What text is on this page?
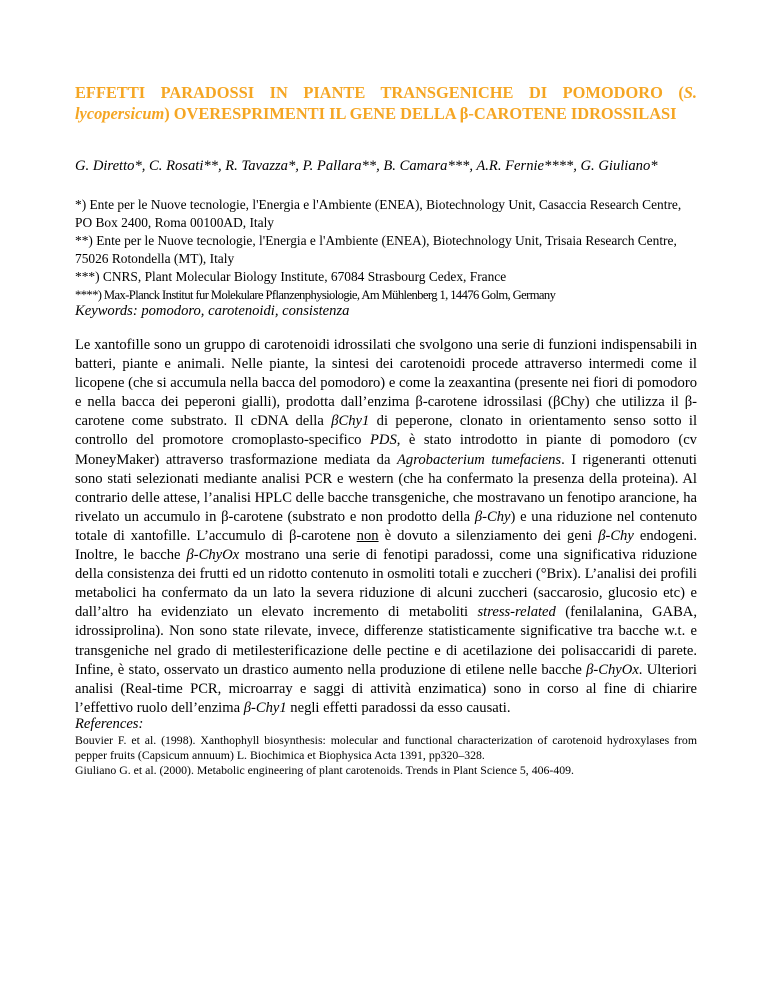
EFFETTI PARADOSSI IN PIANTE TRANSGENICHE DI POMODORO (S. lycopersicum) OVERESPRIMENTI IL GENE DELLA β-CAROTENE IDROSSILASI
G. Diretto*, C. Rosati**, R. Tavazza*, P. Pallara**, B. Camara***, A.R. Fernie****, G. Giuliano*
*) Ente per le Nuove tecnologie, l'Energia e l'Ambiente (ENEA), Biotechnology Unit, Casaccia Research Centre, PO Box 2400, Roma 00100AD, Italy
**) Ente per le Nuove tecnologie, l'Energia e l'Ambiente (ENEA), Biotechnology Unit, Trisaia Research Centre, 75026 Rotondella (MT), Italy
***) CNRS, Plant Molecular Biology Institute, 67084 Strasbourg Cedex, France
****) Max-Planck Institut fur Molekulare Pflanzenphysiologie, Am Mühlenberg 1, 14476 Golm, Germany
Keywords: pomodoro, carotenoidi, consistenza
Le xantofille sono un gruppo di carotenoidi idrossilati che svolgono una serie di funzioni indispensabili in batteri, piante e animali. Nelle piante, la sintesi dei carotenoidi procede attraverso intermedi come il licopene (che si accumula nella bacca del pomodoro) e come la zeaxantina (presente nei fiori di pomodoro e nella bacca dei peperoni gialli), prodotta dall’enzima β-carotene idrossilasi (βChy) che utilizza il β-carotene come substrato. Il cDNA della βChy1 di peperone, clonato in orientamento senso sotto il controllo del promotore cromoplasto-specifico PDS, è stato introdotto in piante di pomodoro (cv MoneyMaker) attraverso trasformazione mediata da Agrobacterium tumefaciens. I rigeneranti ottenuti sono stati selezionati mediante analisi PCR e western (che ha confermato la presenza della proteina). Al contrario delle attese, l’analisi HPLC delle bacche transgeniche, che mostravano un fenotipo arancione, ha rivelato un accumulo in β-carotene (substrato e non prodotto della β-Chy) e una riduzione nel contenuto totale di xantofille. L’accumulo di β-carotene non è dovuto a silenziamento dei geni β-Chy endogeni. Inoltre, le bacche β-ChyOx mostrano una serie di fenotipi paradossi, come una significativa riduzione della consistenza dei frutti ed un ridotto contenuto in osmoliti totali e zuccheri (°Brix). L’analisi dei profili metabolici ha confermato da un lato la severa riduzione di alcuni zuccheri (saccarosio, glucosio etc) e dall’altro ha evidenziato un elevato incremento di metaboliti stress-related (fenilalanina, GABA, idrossiprolina). Non sono state rilevate, invece, differenze statisticamente significative tra bacche w.t. e transgeniche nel grado di metilesterificazione delle pectine e di acetilazione dei polisaccaridi di parete. Infine, è stato, osservato un drastico aumento nella produzione di etilene nelle bacche β-ChyOx. Ulteriori analisi (Real-time PCR, microarray e saggi di attività enzimatica) sono in corso al fine di chiarire l’effettivo ruolo dell’enzima β-Chy1 negli effetti paradossi da esso causati.
References:
Bouvier F. et al. (1998). Xanthophyll biosynthesis: molecular and functional characterization of carotenoid hydroxylases from pepper fruits (Capsicum annuum) L. Biochimica et Biophysica Acta 1391, pp320–328.
Giuliano G. et al. (2000). Metabolic engineering of plant carotenoids. Trends in Plant Science 5, 406-409.
